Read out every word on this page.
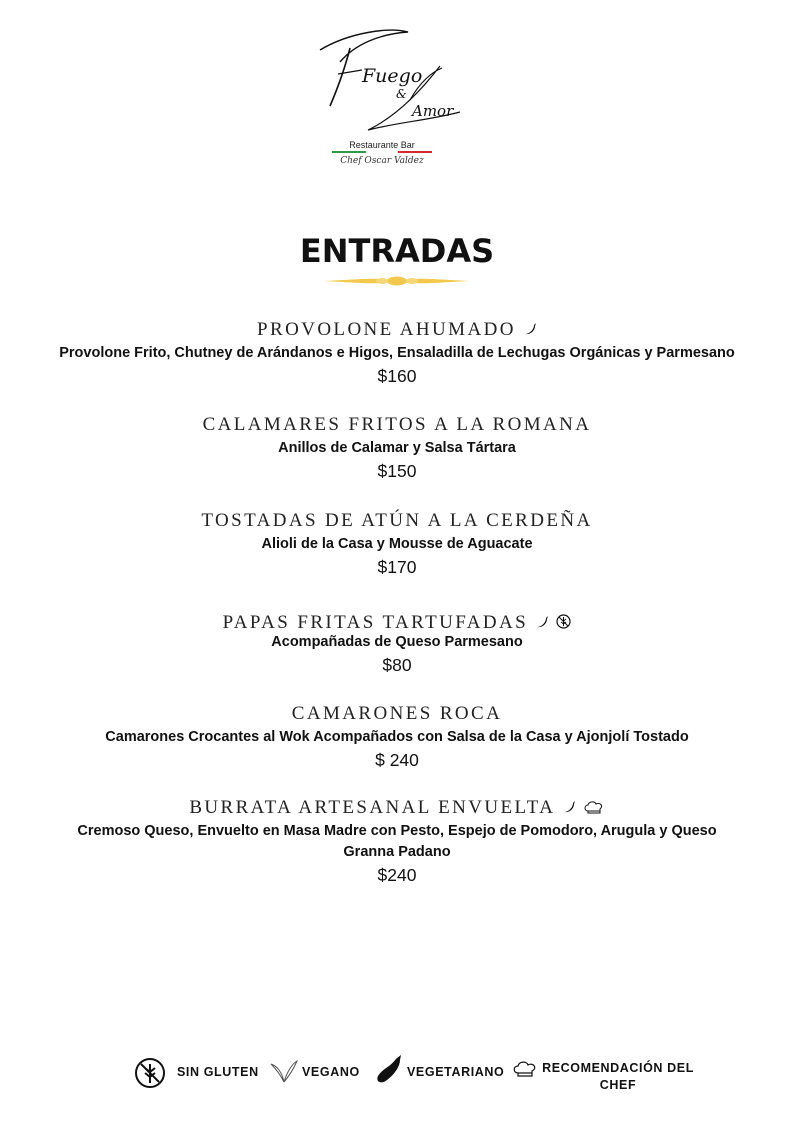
Fuego
&
Amor
Restaurante Bar
Chef Oscar Valdez
ENTRADAS
PROVOLONE AHUMADO
Provolone Frito, Chutney de Arándanos e Higos, Ensaladilla de Lechugas Orgánicas y Parmesano
$160
CALAMARES FRITOS A LA ROMANA
Anillos de Calamar y Salsa Tártara
$150
TOSTADAS DE ATÚN A LA CERDEÑA
Alioli de la Casa y Mousse de Aguacate
$170
PAPAS FRITAS TARTUFADAS
Acompañadas de Queso Parmesano
$80
CAMARONES ROCA
Camarones Crocantes al Wok Acompañados con Salsa de la Casa y Ajonjolí Tostado
$ 240
BURRATA ARTESANAL ENVUELTA
Cremoso Queso, Envuelto en Masa Madre con Pesto, Espejo de Pomodoro, Arugula y Queso Granna Padano
$240
SIN GLUTEN	VEGANO	VEGETARIANO	RECOMENDACIÓN DEL CHEF
